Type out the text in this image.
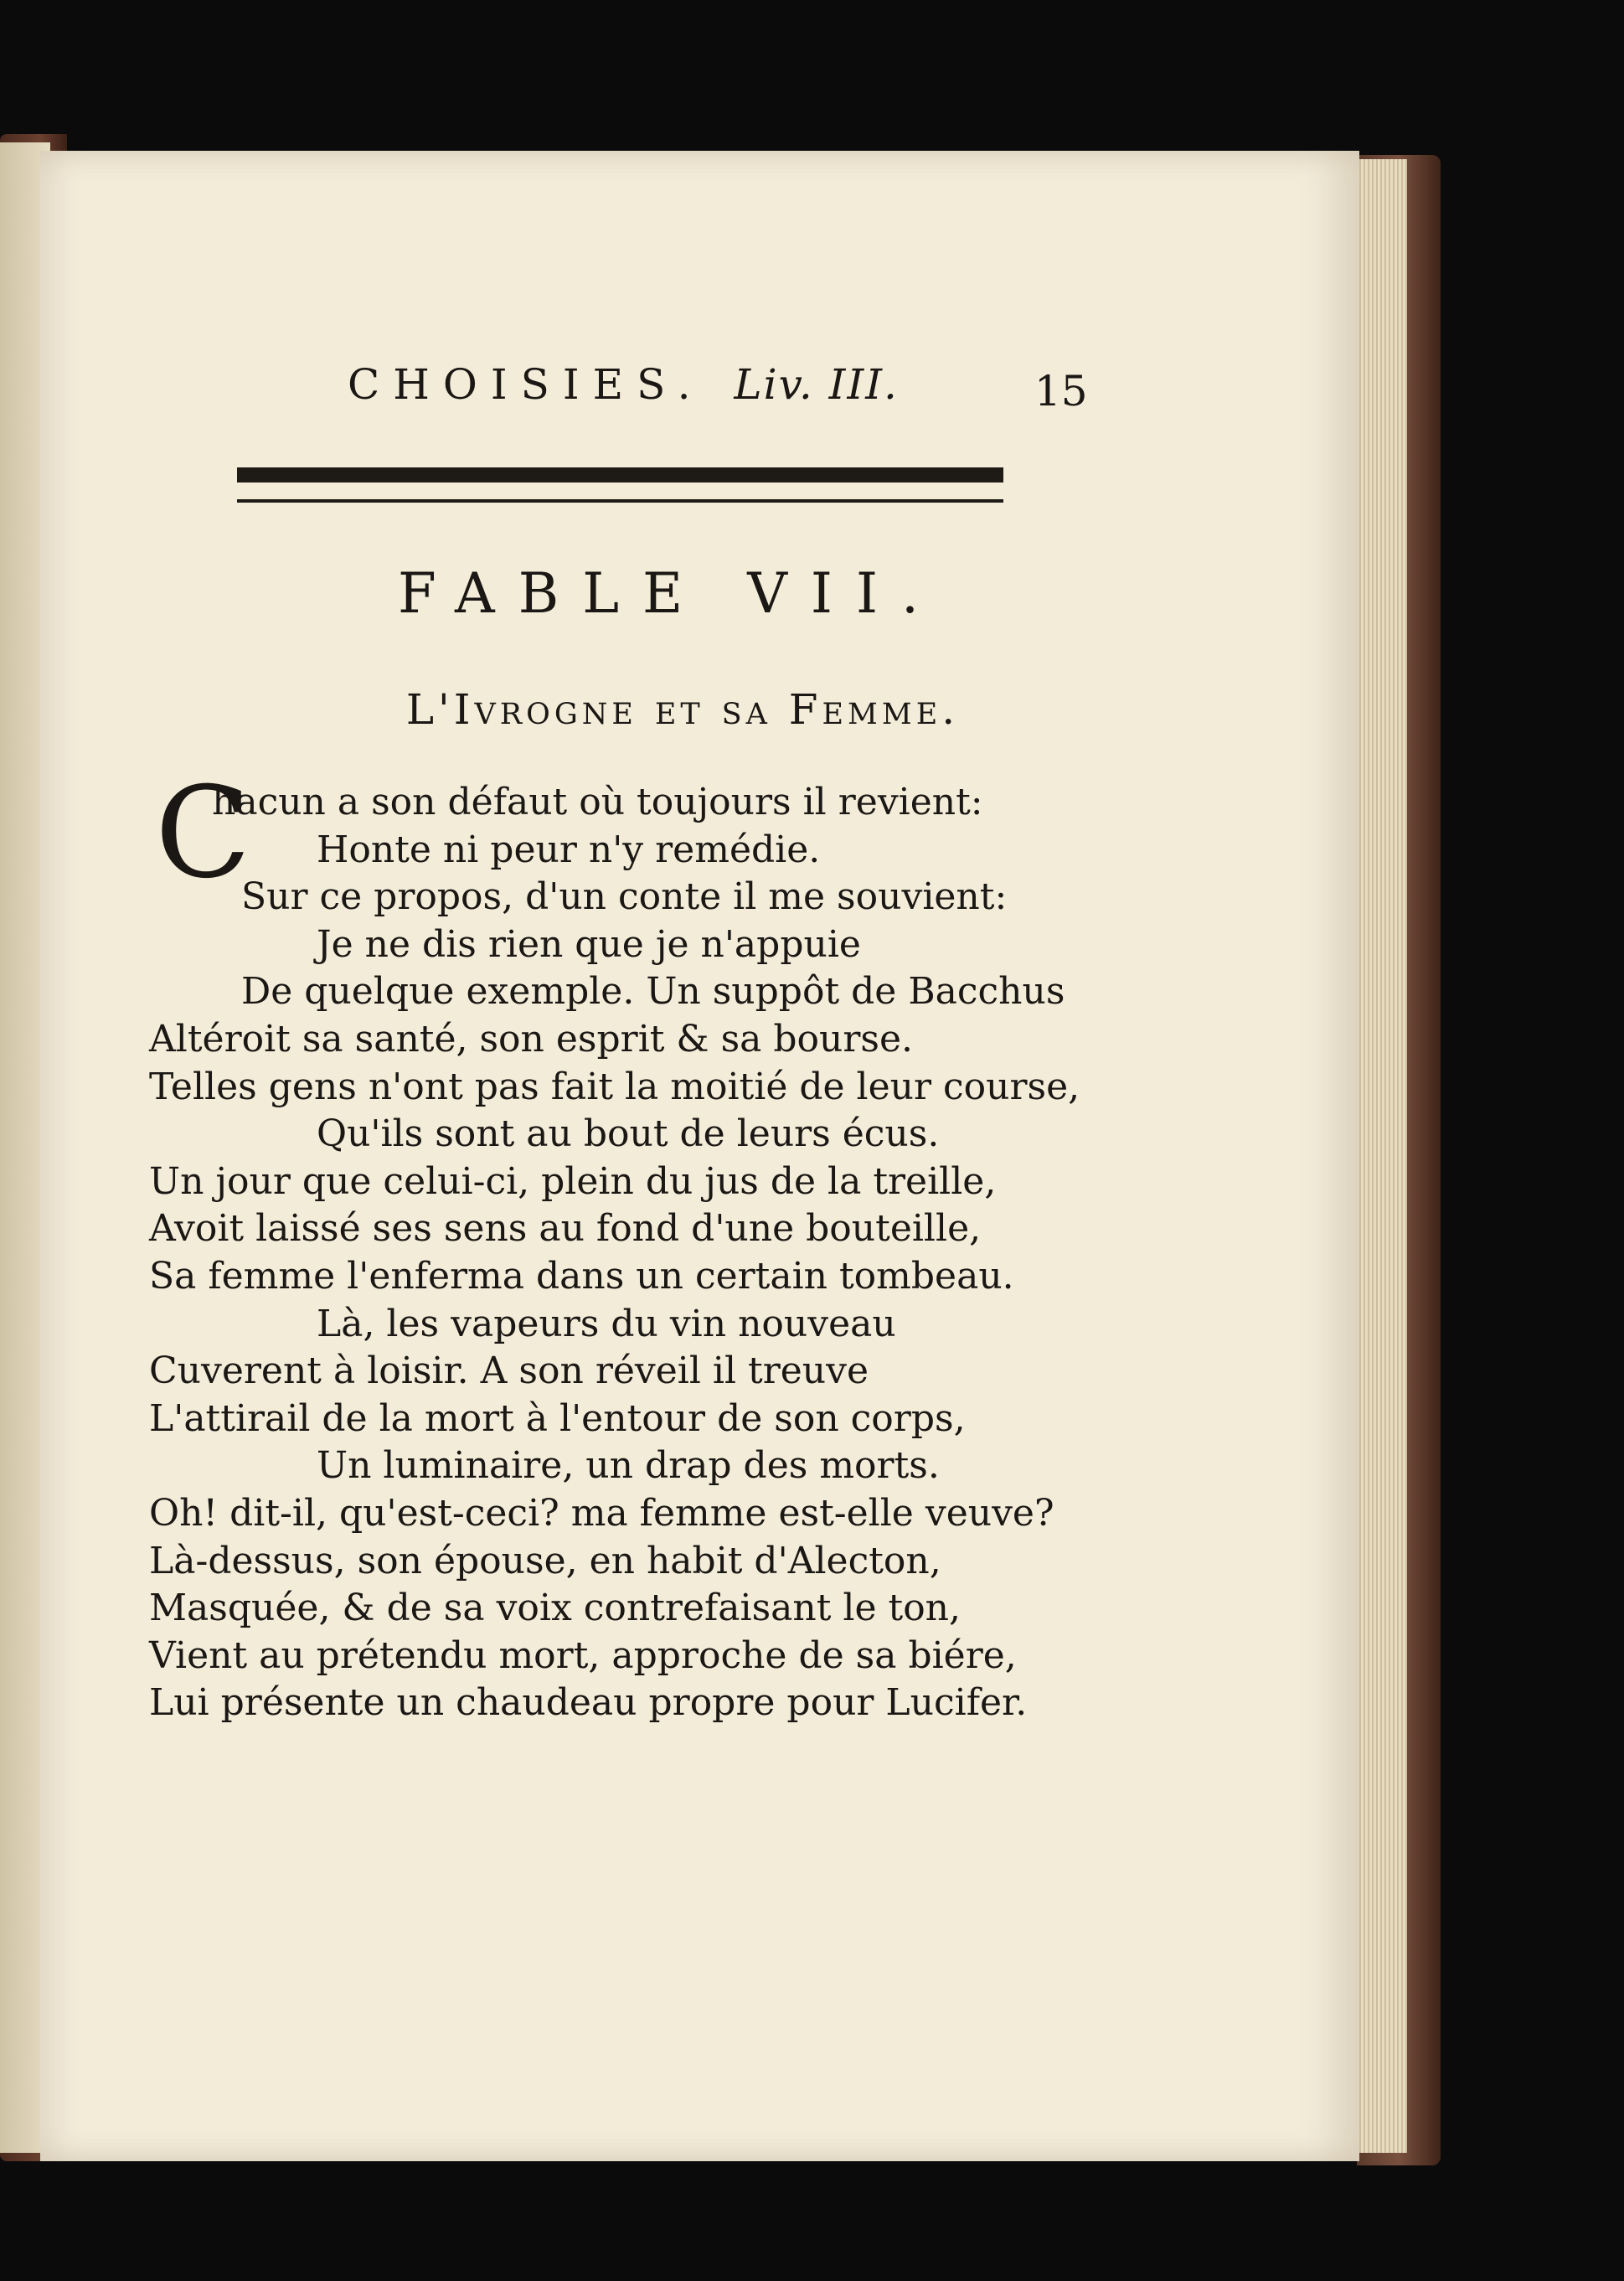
CHOISIES. Liv. III.	15
FABLE VII.
L'Ivrogne et sa Femme.
C
hacun a son défaut où toujours il revient:
Honte ni peur n'y remédie.
Sur ce propos, d'un conte il me souvient:
Je ne dis rien que je n'appuie
De quelque exemple. Un suppôt de Bacchus
Altéroit sa santé, son esprit & sa bourse.
Telles gens n'ont pas fait la moitié de leur course,
Qu'ils sont au bout de leurs écus.
Un jour que celui-ci, plein du jus de la treille,
Avoit laissé ses sens au fond d'une bouteille,
Sa femme l'enferma dans un certain tombeau.
Là, les vapeurs du vin nouveau
Cuverent à loisir. A son réveil il treuve
L'attirail de la mort à l'entour de son corps,
Un luminaire, un drap des morts.
Oh! dit-il, qu'est-ceci? ma femme est-elle veuve?
Là-dessus, son épouse, en habit d'Alecton,
Masquée, & de sa voix contrefaisant le ton,
Vient au prétendu mort, approche de sa biére,
Lui présente un chaudeau propre pour Lucifer.
